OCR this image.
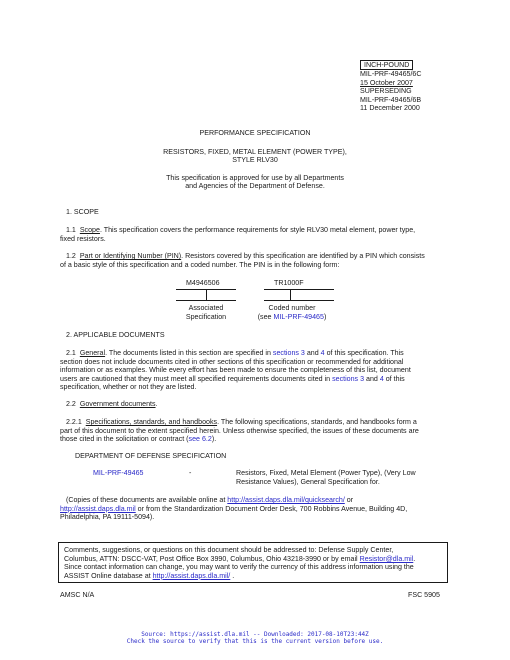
INCH-POUND
MIL-PRF-49465/6C
15 October 2007
SUPERSEDING
MIL-PRF-49465/6B
11 December 2000
PERFORMANCE SPECIFICATION
RESISTORS, FIXED, METAL ELEMENT (POWER TYPE),
STYLE RLV30
This specification is approved for use by all Departments
and Agencies of the Department of Defense.
1. SCOPE
1.1 Scope. This specification covers the performance requirements for style RLV30 metal element, power type,
fixed resistors.
1.2 Part or Identifying Number (PIN). Resistors covered by this specification are identified by a PIN which consists
of a basic style of this specification and a coded number. The PIN is in the following form:
M4946506	TR1000F
Associated
Specification
Coded number
(see MIL-PRF-49465)
2. APPLICABLE DOCUMENTS
2.1 General. The documents listed in this section are specified in sections 3 and 4 of this specification. This
section does not include documents cited in other sections of this specification or recommended for additional
information or as examples. While every effort has been made to ensure the completeness of this list, document
users are cautioned that they must meet all specified requirements documents cited in sections 3 and 4 of this
specification, whether or not they are listed.
2.2 Government documents.
2.2.1 Specifications, standards, and handbooks. The following specifications, standards, and handbooks form a
part of this document to the extent specified herein. Unless otherwise specified, the issues of these documents are
those cited in the solicitation or contract (see 6.2).
DEPARTMENT OF DEFENSE SPECIFICATION
MIL-PRF-49465	-	Resistors, Fixed, Metal Element (Power Type), (Very Low
Resistance Values), General Specification for.
(Copies of these documents are available online at http://assist.daps.dla.mil/quicksearch/ or
http://assist.daps.dla.mil or from the Standardization Document Order Desk, 700 Robbins Avenue, Building 4D,
Philadelphia, PA 19111-5094).
Comments, suggestions, or questions on this document should be addressed to: Defense Supply Center,
Columbus, ATTN: DSCC-VAT, Post Office Box 3990, Columbus, Ohio 43218-3990 or by email Resistor@dla.mil.
Since contact information can change, you may want to verify the currency of this address information using the
ASSIST Online database at http://assist.daps.dla.mil/ .
AMSC N/A	FSC 5905
Source: https://assist.dla.mil -- Downloaded: 2017-08-10T23:44Z
Check the source to verify that this is the current version before use.
